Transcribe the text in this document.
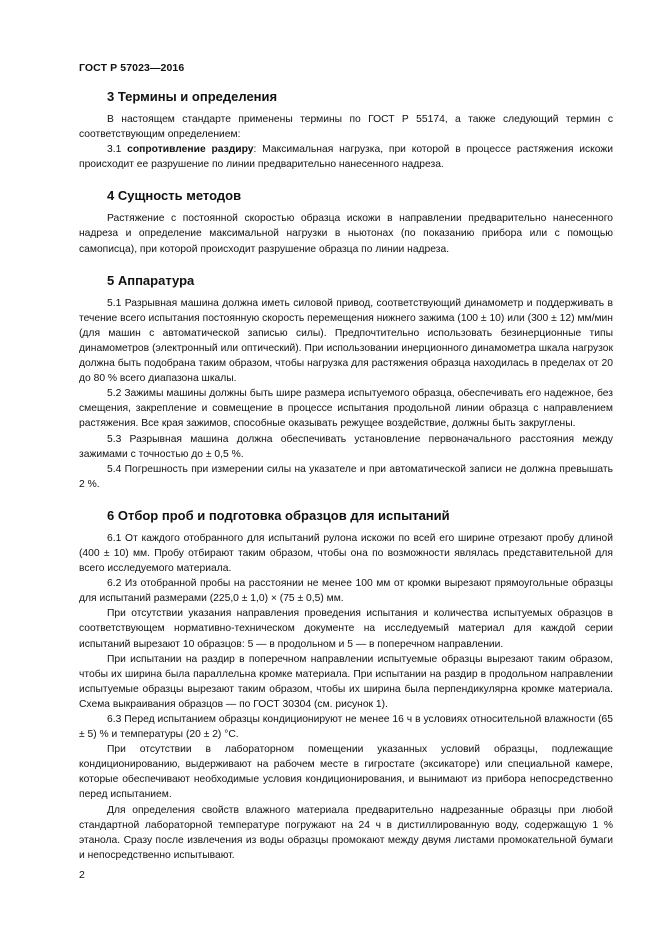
ГОСТ Р 57023—2016
3 Термины и определения

В настоящем стандарте применены термины по ГОСТ Р 55174, а также следующий термин с соответствующим определением:

3.1 сопротивление раздиру: Максимальная нагрузка, при которой в процессе растяжения искожи происходит ее разрушение по линии предварительно нанесенного надреза.

4 Сущность методов

Растяжение с постоянной скоростью образца искожи в направлении предварительно нанесенного надреза и определение максимальной нагрузки в ньютонах (по показанию прибора или с помощью самописца), при которой происходит разрушение образца по линии надреза.

5 Аппаратура

5.1 Разрывная машина должна иметь силовой привод, соответствующий динамометр и поддерживать в течение всего испытания постоянную скорость перемещения нижнего зажима (100 ± 10) или (300 ± 12) мм/мин (для машин с автоматической записью силы). Предпочтительно использовать безинерционные типы динамометров (электронный или оптический). При использовании инерционного динамометра шкала нагрузок должна быть подобрана таким образом, чтобы нагрузка для растяжения образца находилась в пределах от 20 до 80 % всего диапазона шкалы.

5.2 Зажимы машины должны быть шире размера испытуемого образца, обеспечивать его надежное, без смещения, закрепление и совмещение в процессе испытания продольной линии образца с направлением растяжения. Все края зажимов, способные оказывать режущее воздействие, должны быть закруглены.

5.3 Разрывная машина должна обеспечивать установление первоначального расстояния между зажимами с точностью до ± 0,5 %.

5.4 Погрешность при измерении силы на указателе и при автоматической записи не должна превышать 2 %.

6 Отбор проб и подготовка образцов для испытаний

6.1 От каждого отобранного для испытаний рулона искожи по всей его ширине отрезают пробу длиной (400 ± 10) мм. Пробу отбирают таким образом, чтобы она по возможности являлась представительной для всего исследуемого материала.

6.2 Из отобранной пробы на расстоянии не менее 100 мм от кромки вырезают прямоугольные образцы для испытаний размерами (225,0 ± 1,0) × (75 ± 0,5) мм.

При отсутствии указания направления проведения испытания и количества испытуемых образцов в соответствующем нормативно-техническом документе на исследуемый материал для каждой серии испытаний вырезают 10 образцов: 5 — в продольном и 5 — в поперечном направлении.

При испытании на раздир в поперечном направлении испытуемые образцы вырезают таким образом, чтобы их ширина была параллельна кромке материала. При испытании на раздир в продольном направлении испытуемые образцы вырезают таким образом, чтобы их ширина была перпендикулярна кромке материала. Схема выкраивания образцов — по ГОСТ 30304 (см. рисунок 1).

6.3 Перед испытанием образцы кондиционируют не менее 16 ч в условиях относительной влажности (65 ± 5) % и температуры (20 ± 2) °С.

При отсутствии в лабораторном помещении указанных условий образцы, подлежащие кондиционированию, выдерживают на рабочем месте в гигростате (эксикаторе) или специальной камере, которые обеспечивают необходимые условия кондиционирования, и вынимают из прибора непосредственно перед испытанием.

Для определения свойств влажного материала предварительно надрезанные образцы при любой стандартной лабораторной температуре погружают на 24 ч в дистиллированную воду, содержащую 1 % этанола. Сразу после извлечения из воды образцы промокают между двумя листами промокательной бумаги и непосредственно испытывают.

2
